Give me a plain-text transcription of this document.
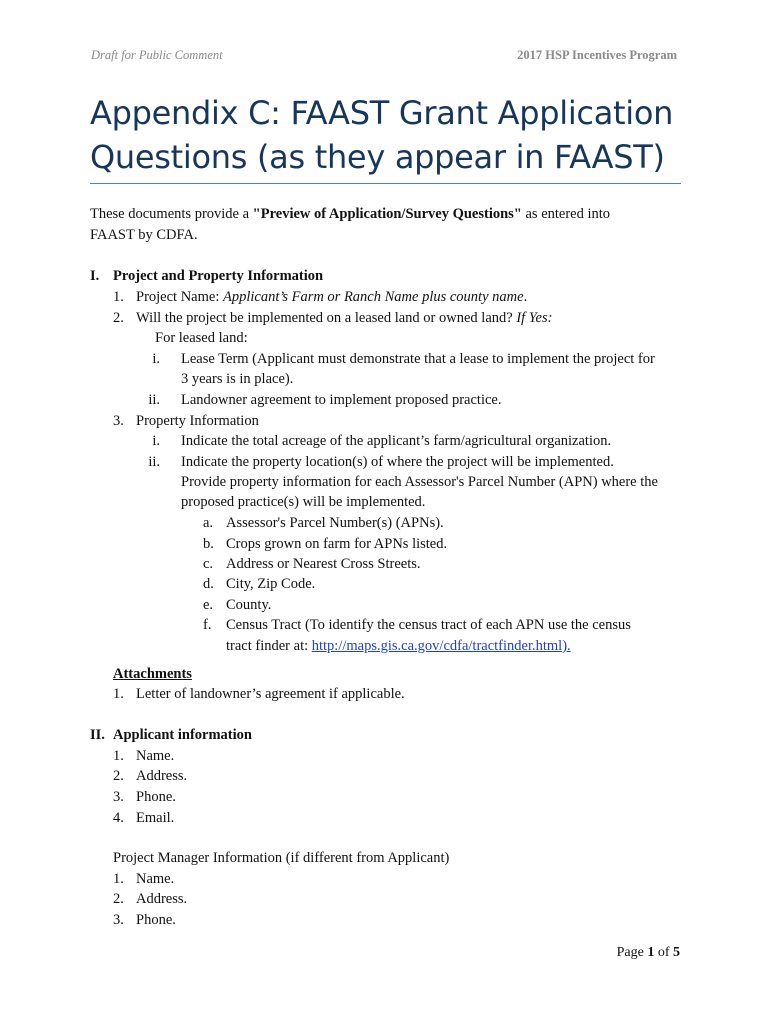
Draft for Public Comment	2017 HSP Incentives Program
Appendix C: FAAST Grant Application
Questions (as they appear in FAAST)
These documents provide a "Preview of Application/Survey Questions" as entered into
FAAST by CDFA.
I. Project and Property Information
1. Project Name: Applicant’s Farm or Ranch Name plus county name.
2. Will the project be implemented on a leased land or owned land? If Yes:
For leased land:
i. Lease Term (Applicant must demonstrate that a lease to implement the project for
3 years is in place).
ii. Landowner agreement to implement proposed practice.
3. Property Information
i. Indicate the total acreage of the applicant’s farm/agricultural organization.
ii. Indicate the property location(s) of where the project will be implemented.
Provide property information for each Assessor's Parcel Number (APN) where the
proposed practice(s) will be implemented.
a. Assessor's Parcel Number(s) (APNs).
b. Crops grown on farm for APNs listed.
c. Address or Nearest Cross Streets.
d. City, Zip Code.
e. County.
f. Census Tract (To identify the census tract of each APN use the census
tract finder at: http://maps.gis.ca.gov/cdfa/tractfinder.html).
Attachments
1. Letter of landowner’s agreement if applicable.
II. Applicant information
1. Name.
2. Address.
3. Phone.
4. Email.
Project Manager Information (if different from Applicant)
1. Name.
2. Address.
3. Phone.
Page 1 of 5
